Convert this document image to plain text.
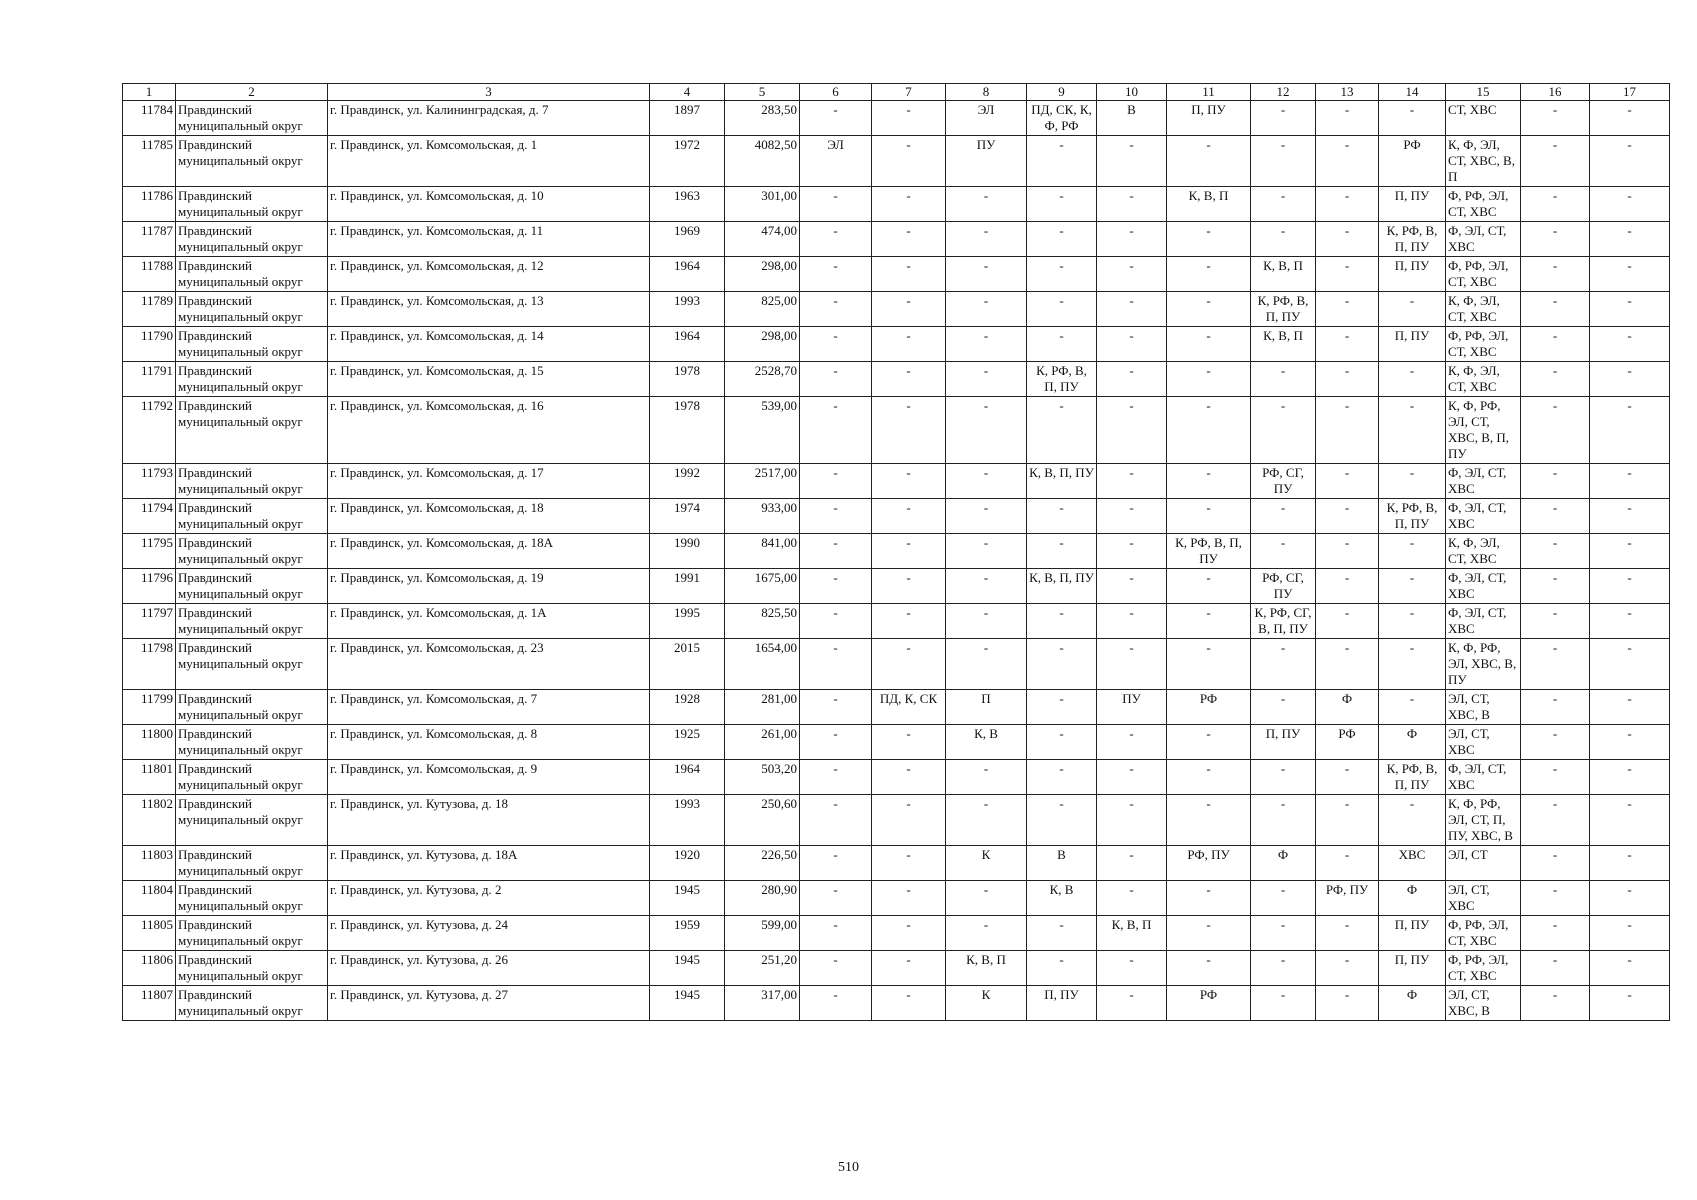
1	2	3	4	5	6	7	8	9	10	11	12	13	14	15	16	17
11784	Правдинский муниципальный округ	г. Правдинск, ул. Калининградская, д. 7	1897	283,50	-	-	ЭЛ	ПД, СК, К, Ф, РФ	В	П, ПУ	-	-	-	СТ, ХВС	-	-
11785	Правдинский муниципальный округ	г. Правдинск, ул. Комсомольская, д. 1	1972	4082,50	ЭЛ	-	ПУ	-	-	-	-	-	РФ	К, Ф, ЭЛ, СТ, ХВС, В, П	-	-
11786	Правдинский муниципальный округ	г. Правдинск, ул. Комсомольская, д. 10	1963	301,00	-	-	-	-	-	К, В, П	-	-	П, ПУ	Ф, РФ, ЭЛ, СТ, ХВС	-	-
11787	Правдинский муниципальный округ	г. Правдинск, ул. Комсомольская, д. 11	1969	474,00	-	-	-	-	-	-	-	-	К, РФ, В, П, ПУ	Ф, ЭЛ, СТ, ХВС	-	-
11788	Правдинский муниципальный округ	г. Правдинск, ул. Комсомольская, д. 12	1964	298,00	-	-	-	-	-	-	К, В, П	-	П, ПУ	Ф, РФ, ЭЛ, СТ, ХВС	-	-
11789	Правдинский муниципальный округ	г. Правдинск, ул. Комсомольская, д. 13	1993	825,00	-	-	-	-	-	-	К, РФ, В, П, ПУ	-	-	К, Ф, ЭЛ, СТ, ХВС	-	-
11790	Правдинский муниципальный округ	г. Правдинск, ул. Комсомольская, д. 14	1964	298,00	-	-	-	-	-	-	К, В, П	-	П, ПУ	Ф, РФ, ЭЛ, СТ, ХВС	-	-
11791	Правдинский муниципальный округ	г. Правдинск, ул. Комсомольская, д. 15	1978	2528,70	-	-	-	К, РФ, В, П, ПУ	-	-	-	-	-	К, Ф, ЭЛ, СТ, ХВС	-	-
11792	Правдинский муниципальный округ	г. Правдинск, ул. Комсомольская, д. 16	1978	539,00	-	-	-	-	-	-	-	-	-	К, Ф, РФ, ЭЛ, СТ, ХВС, В, П, ПУ	-	-
11793	Правдинский муниципальный округ	г. Правдинск, ул. Комсомольская, д. 17	1992	2517,00	-	-	-	К, В, П, ПУ	-	-	РФ, СГ, ПУ	-	-	Ф, ЭЛ, СТ, ХВС	-	-
11794	Правдинский муниципальный округ	г. Правдинск, ул. Комсомольская, д. 18	1974	933,00	-	-	-	-	-	-	-	-	К, РФ, В, П, ПУ	Ф, ЭЛ, СТ, ХВС	-	-
11795	Правдинский муниципальный округ	г. Правдинск, ул. Комсомольская, д. 18А	1990	841,00	-	-	-	-	-	К, РФ, В, П, ПУ	-	-	-	К, Ф, ЭЛ, СТ, ХВС	-	-
11796	Правдинский муниципальный округ	г. Правдинск, ул. Комсомольская, д. 19	1991	1675,00	-	-	-	К, В, П, ПУ	-	-	РФ, СГ, ПУ	-	-	Ф, ЭЛ, СТ, ХВС	-	-
11797	Правдинский муниципальный округ	г. Правдинск, ул. Комсомольская, д. 1А	1995	825,50	-	-	-	-	-	-	К, РФ, СГ, В, П, ПУ	-	-	Ф, ЭЛ, СТ, ХВС	-	-
11798	Правдинский муниципальный округ	г. Правдинск, ул. Комсомольская, д. 23	2015	1654,00	-	-	-	-	-	-	-	-	-	К, Ф, РФ, ЭЛ, ХВС, В, ПУ	-	-
11799	Правдинский муниципальный округ	г. Правдинск, ул. Комсомольская, д. 7	1928	281,00	-	ПД, К, СК	П	-	ПУ	РФ	-	Ф	-	ЭЛ, СТ, ХВС, В	-	-
11800	Правдинский муниципальный округ	г. Правдинск, ул. Комсомольская, д. 8	1925	261,00	-	-	К, В	-	-	-	П, ПУ	РФ	Ф	ЭЛ, СТ, ХВС	-	-
11801	Правдинский муниципальный округ	г. Правдинск, ул. Комсомольская, д. 9	1964	503,20	-	-	-	-	-	-	-	-	К, РФ, В, П, ПУ	Ф, ЭЛ, СТ, ХВС	-	-
11802	Правдинский муниципальный округ	г. Правдинск, ул. Кутузова, д. 18	1993	250,60	-	-	-	-	-	-	-	-	-	К, Ф, РФ, ЭЛ, СТ, П, ПУ, ХВС, В	-	-
11803	Правдинский муниципальный округ	г. Правдинск, ул. Кутузова, д. 18А	1920	226,50	-	-	К	В	-	РФ, ПУ	Ф	-	ХВС	ЭЛ, СТ	-	-
11804	Правдинский муниципальный округ	г. Правдинск, ул. Кутузова, д. 2	1945	280,90	-	-	-	К, В	-	-	-	РФ, ПУ	Ф	ЭЛ, СТ, ХВС	-	-
11805	Правдинский муниципальный округ	г. Правдинск, ул. Кутузова, д. 24	1959	599,00	-	-	-	-	К, В, П	-	-	-	П, ПУ	Ф, РФ, ЭЛ, СТ, ХВС	-	-
11806	Правдинский муниципальный округ	г. Правдинск, ул. Кутузова, д. 26	1945	251,20	-	-	К, В, П	-	-	-	-	-	П, ПУ	Ф, РФ, ЭЛ, СТ, ХВС	-	-
11807	Правдинский муниципальный округ	г. Правдинск, ул. Кутузова, д. 27	1945	317,00	-	-	К	П, ПУ	-	РФ	-	-	Ф	ЭЛ, СТ, ХВС, В	-	-
510
